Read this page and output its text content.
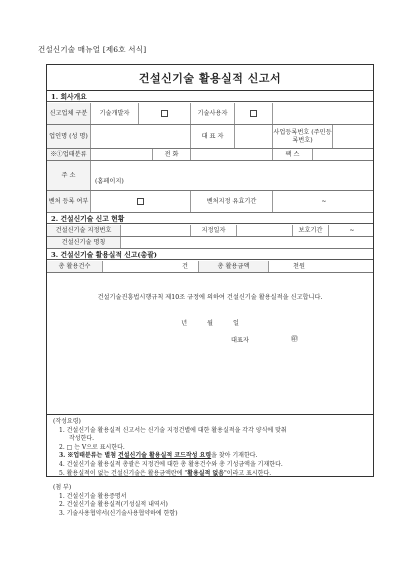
건설신기술 매뉴얼 [제6호 서식]
건설신기술 활용실적 신고서
1. 회사개요
신고업체 구분	기술개발자	기술사용자
업인명 (성 명)	대 표 자
사업등록번호 (주민등록번호)
※①업태분류	전 화	팩 스
주 소
(홈페이지)
벤처 등록 여부	벤처지정 유효기간	~
2. 건설신기술 신고 현황
건설신기술 지정번호	지정일자	보호기간	~
건설신기술 명칭
3. 건설신기술 활용실적 신고(총괄)
총 활용건수	건	총 활용금액	천원
건설기술진흥법시행규칙 제10조 규정에 의하여 건설신기술 활용실적을 신고합니다.
년 월 일
대표자	㊞

(작성요령)

1. 건설신기술 활용실적 신고서는 신기술 지정건별에 대한 활용실적을 각각 양식에 맞춰

작성한다.

2. □ 는 V으로 표시한다.

3. ※업태분류는 별첨 건설신기술 활용실적 코드작성 요령을 찾아 기재한다.

4. 건설신기술 활용실적 총괄은 지정건에 대한 총 활용건수와 총 기성금액을 기재한다.

5. 활용실적이 없는 건설신기술은 활용금액란에 "활용실적 없음"이라고 표시한다.

(첨 부)

1. 건설신기술 활용증명서

2. 건설신기술 활용실적(기성실적 내역서)

3. 기술사용협약서(신기술사용협약하에 한함)
